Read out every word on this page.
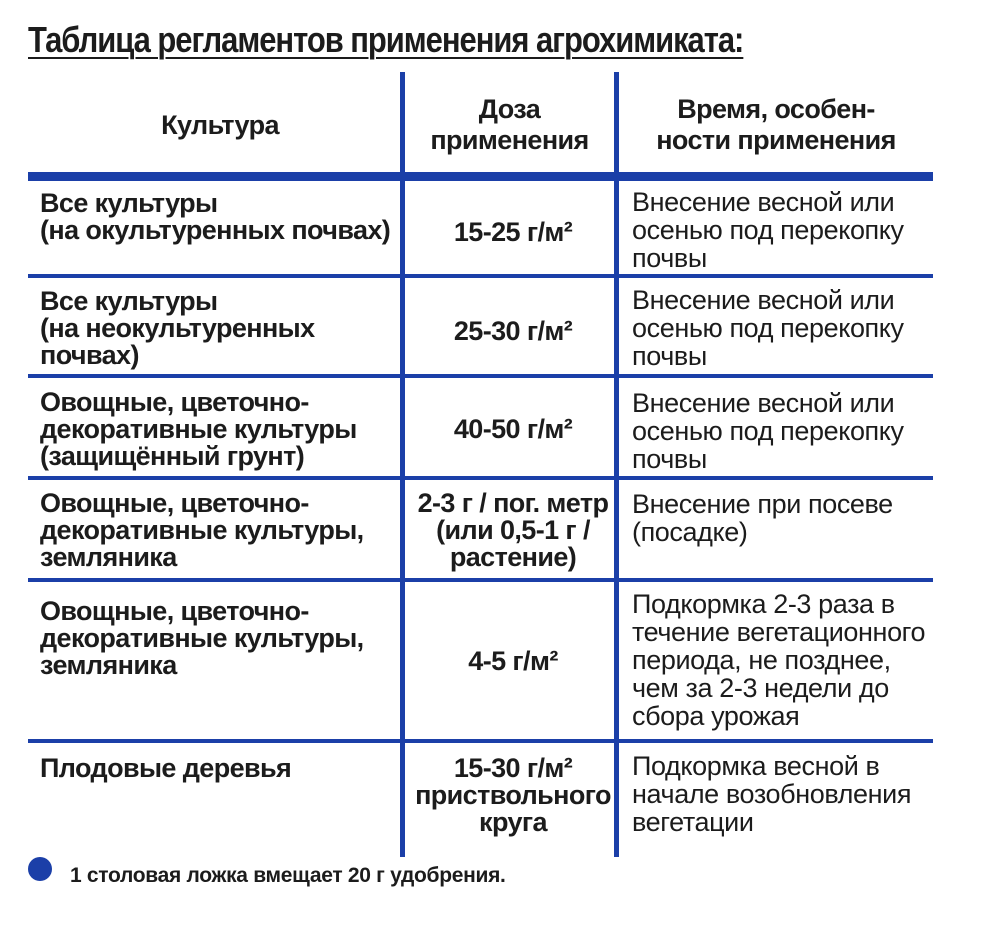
Таблица регламентов применения агрохимиката:
Культура
Доза
применения
Время, особен-
ности применения
Все культуры
(на окультуренных почвах) 15-25 г/м²
Внесение весной или
осенью под перекопку
почвы
Все культуры
(на неокультуренных
почвах)
25-30 г/м²
Внесение весной или
осенью под перекопку
почвы
Овощные, цветочно-
декоративные культуры
(защищённый грунт)
40-50 г/м²
Внесение весной или
осенью под перекопку
почвы
Овощные, цветочно-
декоративные культуры,
земляника
2-3 г / пог. метр
(или 0,5-1 г /
растение)
Внесение при посеве
(посадке)
Овощные, цветочно-
декоративные культуры,
земляника	4-5 г/м²
Подкормка 2-3 раза в
течение вегетационного
периода, не позднее,
чем за 2-3 недели до
сбора урожая
Плодовые деревья	15-30 г/м²
приствольного
круга
Подкормка весной в
начале возобновления
вегетации
1 столовая ложка вмещает 20 г удобрения.
